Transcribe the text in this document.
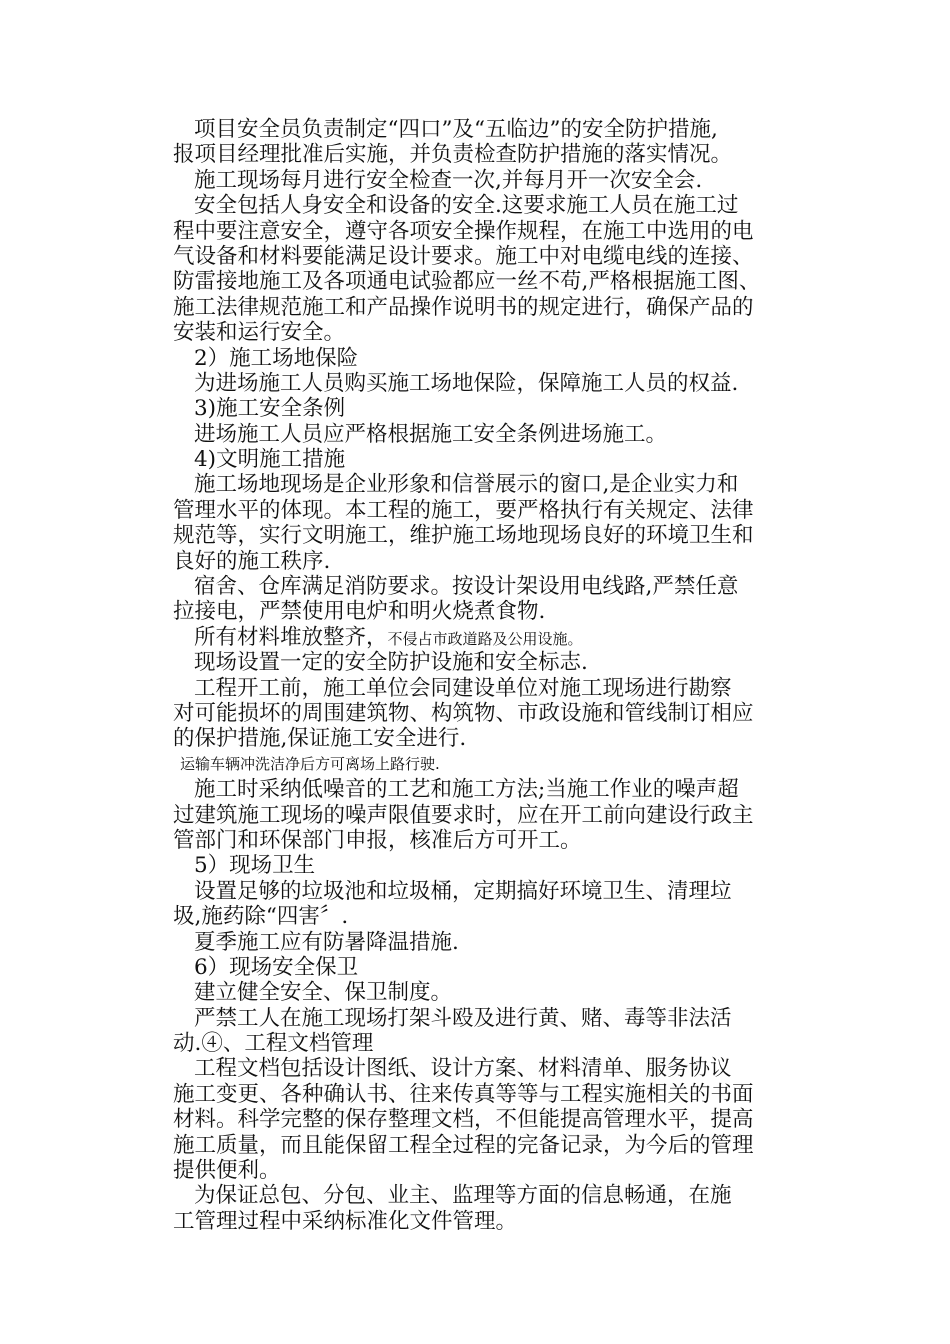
项目安全员负责制定“四口”及“五临边”的安全防护措施,
报项目经理批准后实施，并负责检查防护措施的落实情况。
施工现场每月进行安全检查一次,并每月开一次安全会.
安全包括人身安全和设备的安全.这要求施工人员在施工过
程中要注意安全，遵守各项安全操作规程，在施工中选用的电
气设备和材料要能满足设计要求。施工中对电缆电线的连接、
防雷接地施工及各项通电试验都应一丝不苟,严格根据施工图、
施工法律规范施工和产品操作说明书的规定进行，确保产品的
安装和运行安全。
2）施工场地保险
为进场施工人员购买施工场地保险，保障施工人员的权益.
3)施工安全条例
进场施工人员应严格根据施工安全条例进场施工。
4)文明施工措施
施工场地现场是企业形象和信誉展示的窗口,是企业实力和
管理水平的体现。本工程的施工，要严格执行有关规定、法律
规范等，实行文明施工，维护施工场地现场良好的环境卫生和
良好的施工秩序.
宿舍、仓库满足消防要求。按设计架设用电线路,严禁任意
拉接电，严禁使用电炉和明火烧煮食物.
所有材料堆放整齐，不侵占市政道路及公用设施。
现场设置一定的安全防护设施和安全标志.
工程开工前，施工单位会同建设单位对施工现场进行勘察
对可能损坏的周围建筑物、构筑物、市政设施和管线制订相应
的保护措施,保证施工安全进行.
运输车辆冲洗洁净后方可离场上路行驶.
施工时采纳低噪音的工艺和施工方法;当施工作业的噪声超
过建筑施工现场的噪声限值要求时，应在开工前向建设行政主
管部门和环保部门申报，核准后方可开工。
5）现场卫生
设置足够的垃圾池和垃圾桶，定期搞好环境卫生、清理垃
圾,施药除“四害〞.
夏季施工应有防暑降温措施.
6）现场安全保卫
建立健全安全、保卫制度。
严禁工人在施工现场打架斗殴及进行黄、赌、毒等非法活
动.④、工程文档管理
工程文档包括设计图纸、设计方案、材料清单、服务协议
施工变更、各种确认书、往来传真等等与工程实施相关的书面
材料。科学完整的保存整理文档，不但能提高管理水平，提高
施工质量，而且能保留工程全过程的完备记录，为今后的管理
提供便利。
为保证总包、分包、业主、监理等方面的信息畅通，在施
工管理过程中采纳标准化文件管理。
